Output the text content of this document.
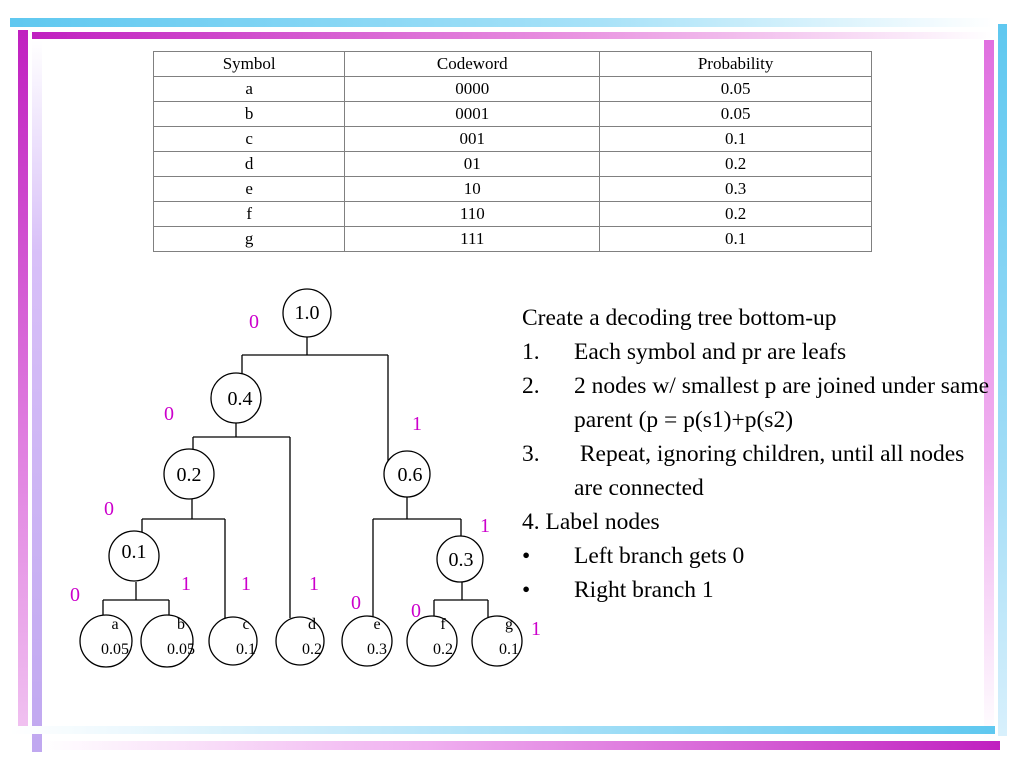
Symbol	Codeword	Probability
a	0000	0.05
b	0001	0.05
c	001	0.1
d	01	0.2
e	10	0.3
f	110	0.2
g	111	0.1
1.0
0.4
0.2
0.1
0.6
0.3
a
0.05
b
0.05
c
0.1
d
0.2
e
0.3
f
0.2
g
0.1
0
0	1
0
1
0	1	1	1
0	0
1
Create a decoding tree bottom-up
1.	Each symbol and pr are leafs
2.	2 nodes w/ smallest p are joined under same parent (p = p(s1)+p(s2)
3.	Repeat, ignoring children, until all nodes are connected
4. Label nodes
•	Left branch gets 0
•	Right branch 1
